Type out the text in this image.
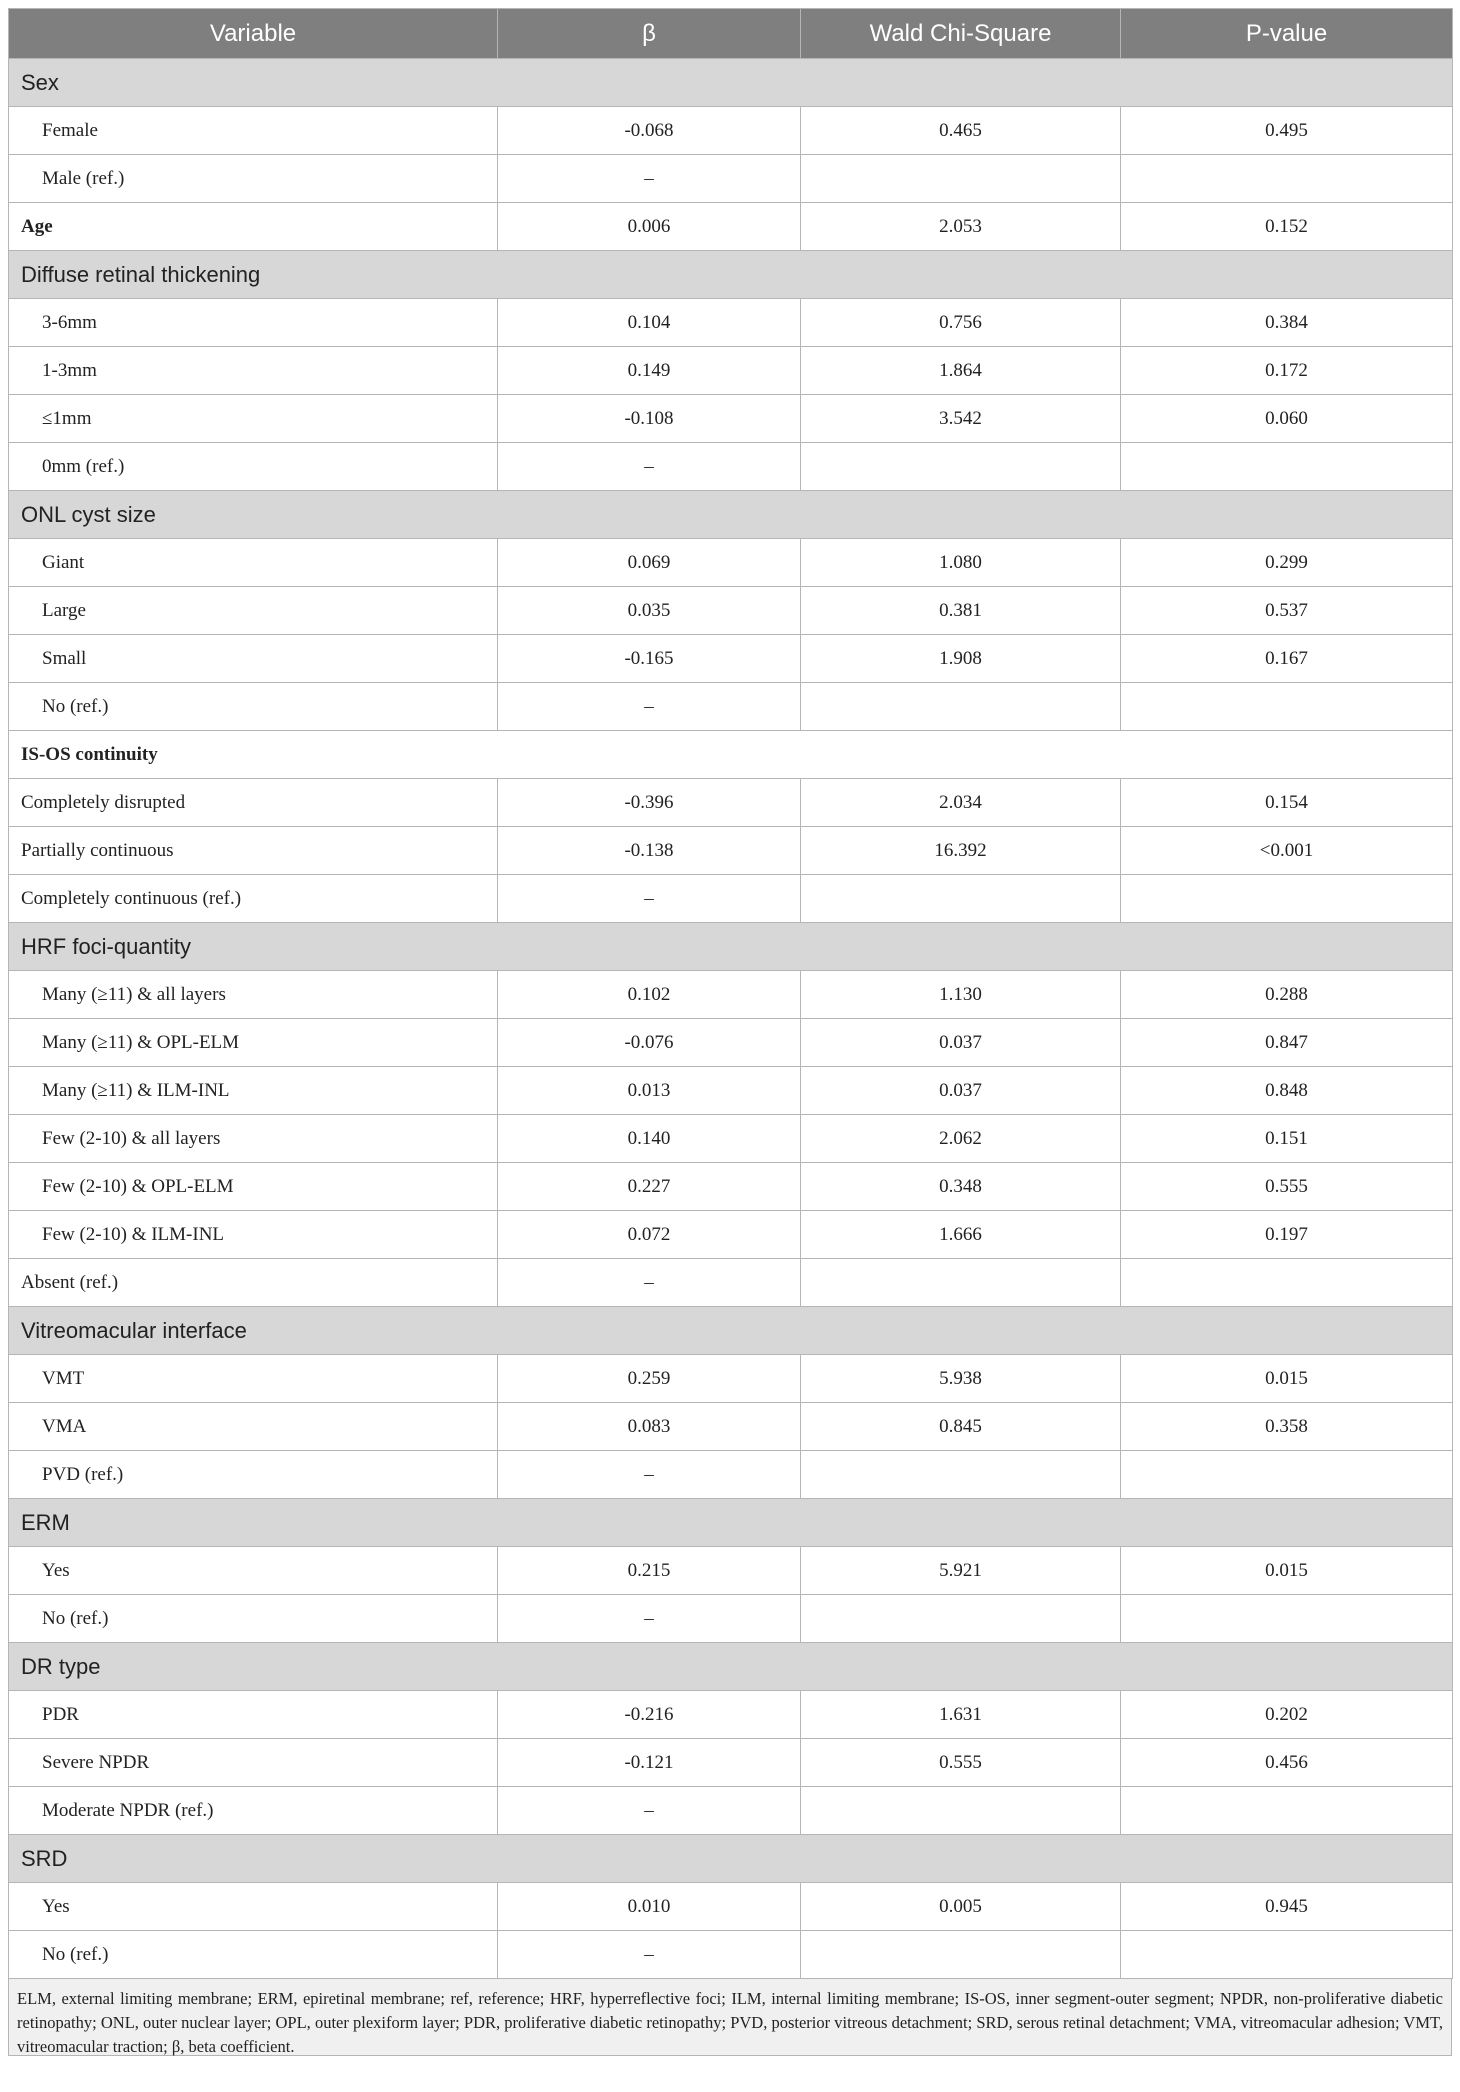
Variable	β	Wald Chi-Square	P-value
Sex			
Female	-0.068	0.465	0.495
Male (ref.)	–		
Age	0.006	2.053	0.152
Diffuse retinal thickening			
3-6mm	0.104	0.756	0.384
1-3mm	0.149	1.864	0.172
≤1mm	-0.108	3.542	0.060
0mm (ref.)	–		
ONL cyst size			
Giant	0.069	1.080	0.299
Large	0.035	0.381	0.537
Small	-0.165	1.908	0.167
No (ref.)	–		
IS-OS continuity			
Completely disrupted	-0.396	2.034	0.154
Partially continuous	-0.138	16.392	<0.001
Completely continuous (ref.)	–		
HRF foci-quantity			
Many (≥11) & all layers	0.102	1.130	0.288
Many (≥11) & OPL-ELM	-0.076	0.037	0.847
Many (≥11) & ILM-INL	0.013	0.037	0.848
Few (2-10) & all layers	0.140	2.062	0.151
Few (2-10) & OPL-ELM	0.227	0.348	0.555
Few (2-10) & ILM-INL	0.072	1.666	0.197
Absent (ref.)	–		
Vitreomacular interface			
VMT	0.259	5.938	0.015
VMA	0.083	0.845	0.358
PVD (ref.)	–		
ERM			
Yes	0.215	5.921	0.015
No (ref.)	–		
DR type			
PDR	-0.216	1.631	0.202
Severe NPDR	-0.121	0.555	0.456
Moderate NPDR (ref.)	–		
SRD			
Yes	0.010	0.005	0.945
No (ref.)	–		
ELM, external limiting membrane; ERM, epiretinal membrane; ref, reference; HRF, hyperreflective foci; ILM, internal limiting membrane; IS-OS, inner segment-outer segment; NPDR, non-proliferative diabetic retinopathy; ONL, outer nuclear layer; OPL, outer plexiform layer; PDR, proliferative diabetic retinopathy; PVD, posterior vitreous detachment; SRD, serous retinal detachment; VMA, vitreomacular adhesion; VMT, vitreomacular traction; β, beta coefficient.
